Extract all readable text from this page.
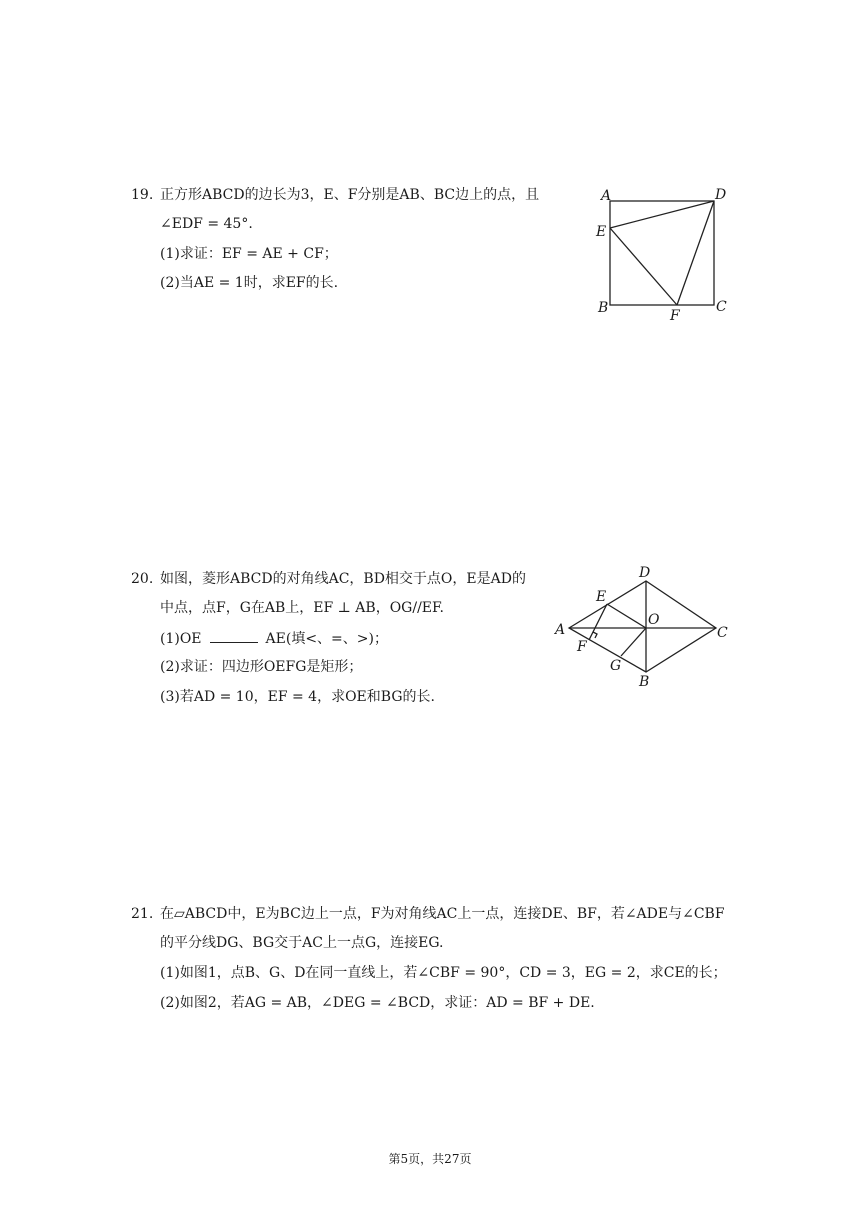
19. 正方形ABCD的边长为3，E、F分别是AB、BC边上的点，且
∠EDF = 45°.
(1)求证：EF = AE + CF；
(2)当AE = 1时，求EF的长.
A	D
E
B	F
C
20. 如图，菱形ABCD的对角线AC，BD相交于点O，E是AD的
中点，点F，G在AB上，EF ⊥ AB，OG//EF.
(1)OE	AE(填<、=、>)；
(2)求证：四边形OEFG是矩形；
(3)若AD = 10，EF = 4，求OE和BG的长.
D
E
A
O
C
F
G
B
21. 在▱ABCD中，E为BC边上一点，F为对角线AC上一点，连接DE、BF，若∠ADE与∠CBF
的平分线DG、BG交于AC上一点G，连接EG.
(1)如图1，点B、G、D在同一直线上，若∠CBF = 90°，CD = 3，EG = 2，求CE的长；
(2)如图2，若AG = AB，∠DEG = ∠BCD，求证：AD = BF + DE.
第5页，共27页
